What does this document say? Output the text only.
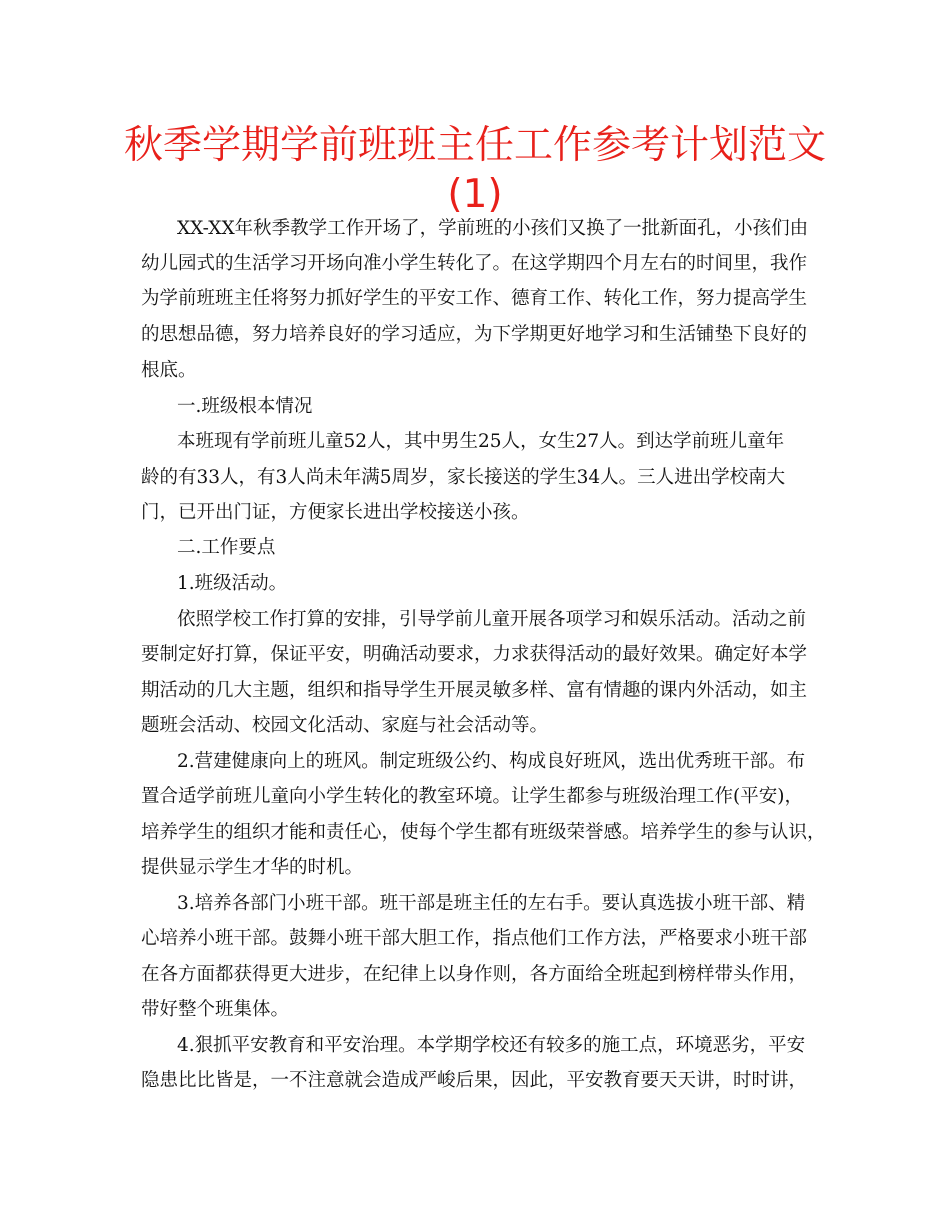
秋季学期学前班班主任工作参考计划范文
(1)
XX-XX年秋季教学工作开场了，学前班的小孩们又换了一批新面孔，小孩们由
幼儿园式的生活学习开场向准小学生转化了。在这学期四个月左右的时间里，我作
为学前班班主任将努力抓好学生的平安工作、德育工作、转化工作，努力提高学生
的思想品德，努力培养良好的学习适应，为下学期更好地学习和生活铺垫下良好的
根底。
一.班级根本情况
本班现有学前班儿童52人，其中男生25人，女生27人。到达学前班儿童年
龄的有33人，有3人尚未年满5周岁，家长接送的学生34人。三人进出学校南大
门，已开出门证，方便家长进出学校接送小孩。
二.工作要点
1.班级活动。
依照学校工作打算的安排，引导学前儿童开展各项学习和娱乐活动。活动之前
要制定好打算，保证平安，明确活动要求，力求获得活动的最好效果。确定好本学
期活动的几大主题，组织和指导学生开展灵敏多样、富有情趣的课内外活动，如主
题班会活动、校园文化活动、家庭与社会活动等。
2.营建健康向上的班风。制定班级公约、构成良好班风，选出优秀班干部。布
置合适学前班儿童向小学生转化的教室环境。让学生都参与班级治理工作(平安)，
培养学生的组织才能和责任心，使每个学生都有班级荣誉感。培养学生的参与认识，
提供显示学生才华的时机。
3.培养各部门小班干部。班干部是班主任的左右手。要认真选拔小班干部、精
心培养小班干部。鼓舞小班干部大胆工作，指点他们工作方法，严格要求小班干部
在各方面都获得更大进步，在纪律上以身作则，各方面给全班起到榜样带头作用，
带好整个班集体。
4.狠抓平安教育和平安治理。本学期学校还有较多的施工点，环境恶劣，平安
隐患比比皆是，一不注意就会造成严峻后果，因此，平安教育要天天讲，时时讲，
